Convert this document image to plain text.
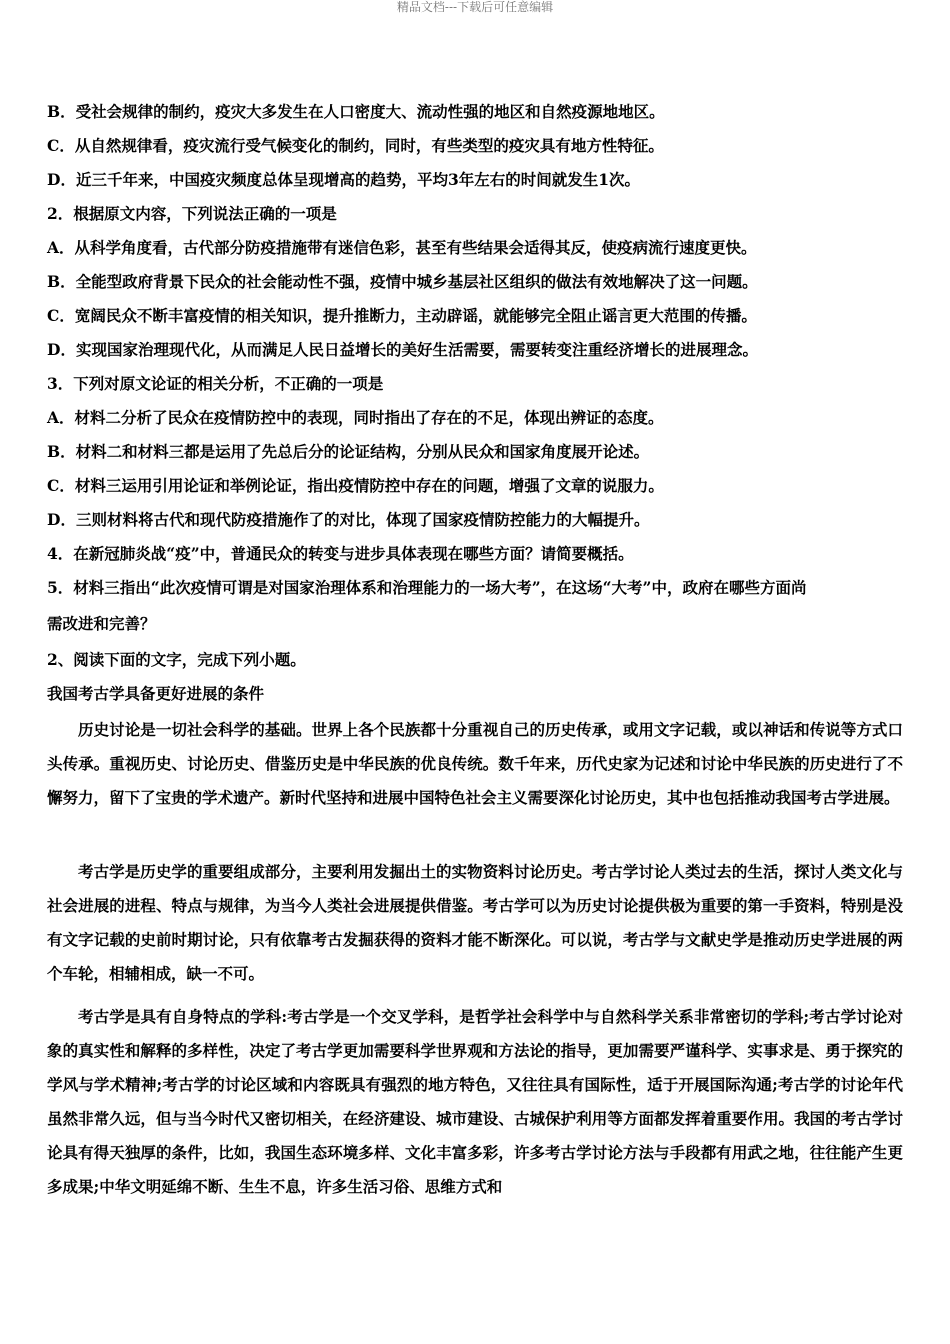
精品文档---下载后可任意编辑
B．受社会规律的制约，疫灾大多发生在人口密度大、流动性强的地区和自然疫源地地区。
C．从自然规律看，疫灾流行受气候变化的制约，同时，有些类型的疫灾具有地方性特征。
D．近三千年来，中国疫灾频度总体呈现增高的趋势，平均3年左右的时间就发生1次。
2．根据原文内容，下列说法正确的一项是
A．从科学角度看，古代部分防疫措施带有迷信色彩，甚至有些结果会适得其反，使疫病流行速度更快。
B．全能型政府背景下民众的社会能动性不强，疫情中城乡基层社区组织的做法有效地解决了这一问题。
C．宽阔民众不断丰富疫情的相关知识，提升推断力，主动辟谣，就能够完全阻止谣言更大范围的传播。
D．实现国家治理现代化，从而满足人民日益增长的美好生活需要，需要转变注重经济增长的进展理念。
3．下列对原文论证的相关分析，不正确的一项是
A．材料二分析了民众在疫情防控中的表现，同时指出了存在的不足，体现出辨证的态度。
B．材料二和材料三都是运用了先总后分的论证结构，分别从民众和国家角度展开论述。
C．材料三运用引用论证和举例论证，指出疫情防控中存在的问题，增强了文章的说服力。
D．三则材料将古代和现代防疫措施作了的对比，体现了国家疫情防控能力的大幅提升。
4．在新冠肺炎战“疫”中，普通民众的转变与进步具体表现在哪些方面？请简要概括。
5．材料三指出“此次疫情可谓是对国家治理体系和治理能力的一场大考”，在这场“大考”中，政府在哪些方面尚
需改进和完善？
2、阅读下面的文字，完成下列小题。
我国考古学具备更好进展的条件
历史讨论是一切社会科学的基础。世界上各个民族都十分重视自己的历史传承，或用文字记载，或以神话和传说等方式口头传承。重视历史、讨论历史、借鉴历史是中华民族的优良传统。数千年来，历代史家为记述和讨论中华民族的历史进行了不懈努力，留下了宝贵的学术遗产。新时代坚持和进展中国特色社会主义需要深化讨论历史，其中也包括推动我国考古学进展。
考古学是历史学的重要组成部分，主要利用发掘出土的实物资料讨论历史。考古学讨论人类过去的生活，探讨人类文化与社会进展的进程、特点与规律，为当今人类社会进展提供借鉴。考古学可以为历史讨论提供极为重要的第一手资料，特别是没有文字记载的史前时期讨论，只有依靠考古发掘获得的资料才能不断深化。可以说，考古学与文献史学是推动历史学进展的两个车轮，相辅相成，缺一不可。
考古学是具有自身特点的学科:考古学是一个交叉学科，是哲学社会科学中与自然科学关系非常密切的学科;考古学讨论对象的真实性和解释的多样性，决定了考古学更加需要科学世界观和方法论的指导，更加需要严谨科学、实事求是、勇于探究的学风与学术精神;考古学的讨论区域和内容既具有强烈的地方特色，又往往具有国际性，适于开展国际沟通;考古学的讨论年代虽然非常久远，但与当今时代又密切相关，在经济建设、城市建设、古城保护利用等方面都发挥着重要作用。我国的考古学讨论具有得天独厚的条件，比如，我国生态环境多样、文化丰富多彩，许多考古学讨论方法与手段都有用武之地，往往能产生更多成果;中华文明延绵不断、生生不息，许多生活习俗、思维方式和
